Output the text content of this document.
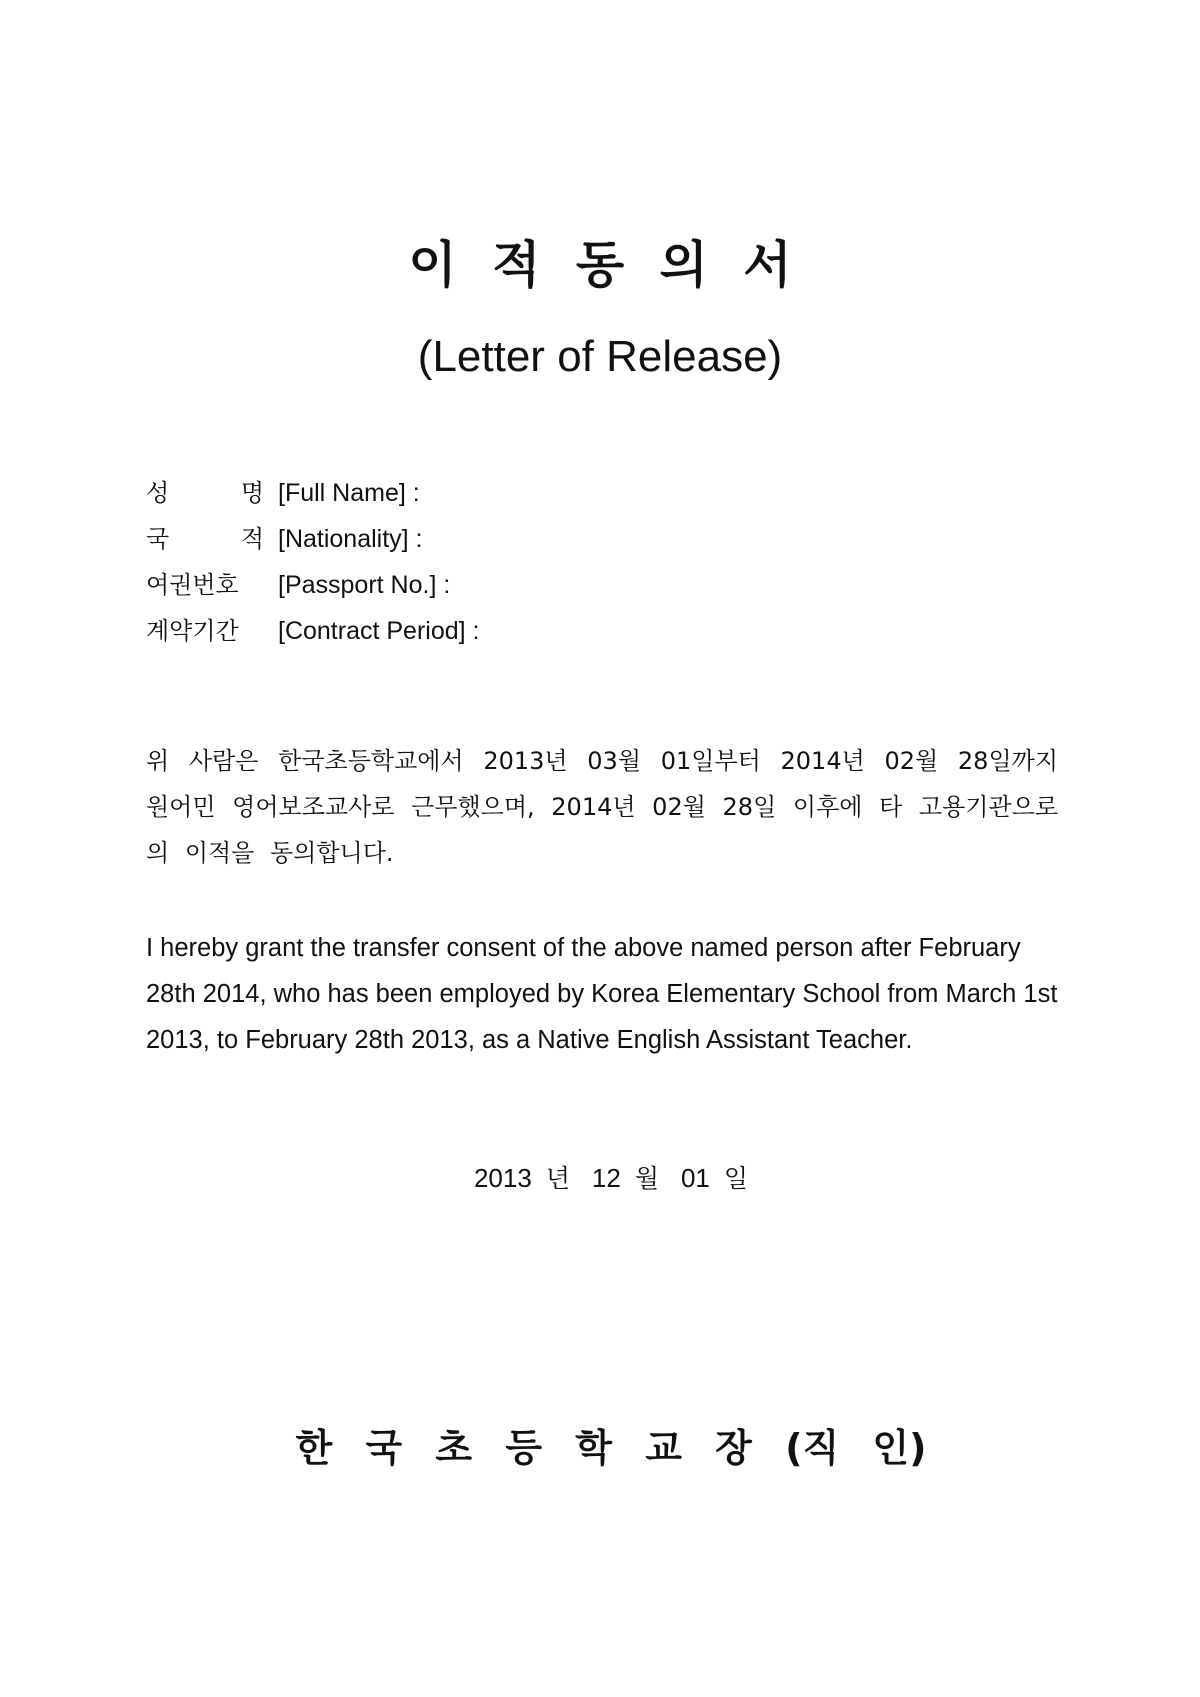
이 적 동 의 서
(Letter of Release)
성	명 [Full Name] :
국	적 [Nationality] :
여권번호 [Passport No.] :
계약기간 [Contract Period] :

위 사람은 한국초등학교에서 2013년 03월 01일부터 2014년 02월 28일까지 원어민 영어보조교사로 근무했으며, 2014년 02월 28일 이후에 타 고용기관으로의 이적을 동의합니다.

I hereby grant the transfer consent of the above named person after February 28th 2014, who has been employed by Korea Elementary School from March 1st 2013, to February 28th 2013, as a Native English Assistant Teacher.

2013 년 12 월 01 일

한 국 초 등 학 교 장 (직 인)
